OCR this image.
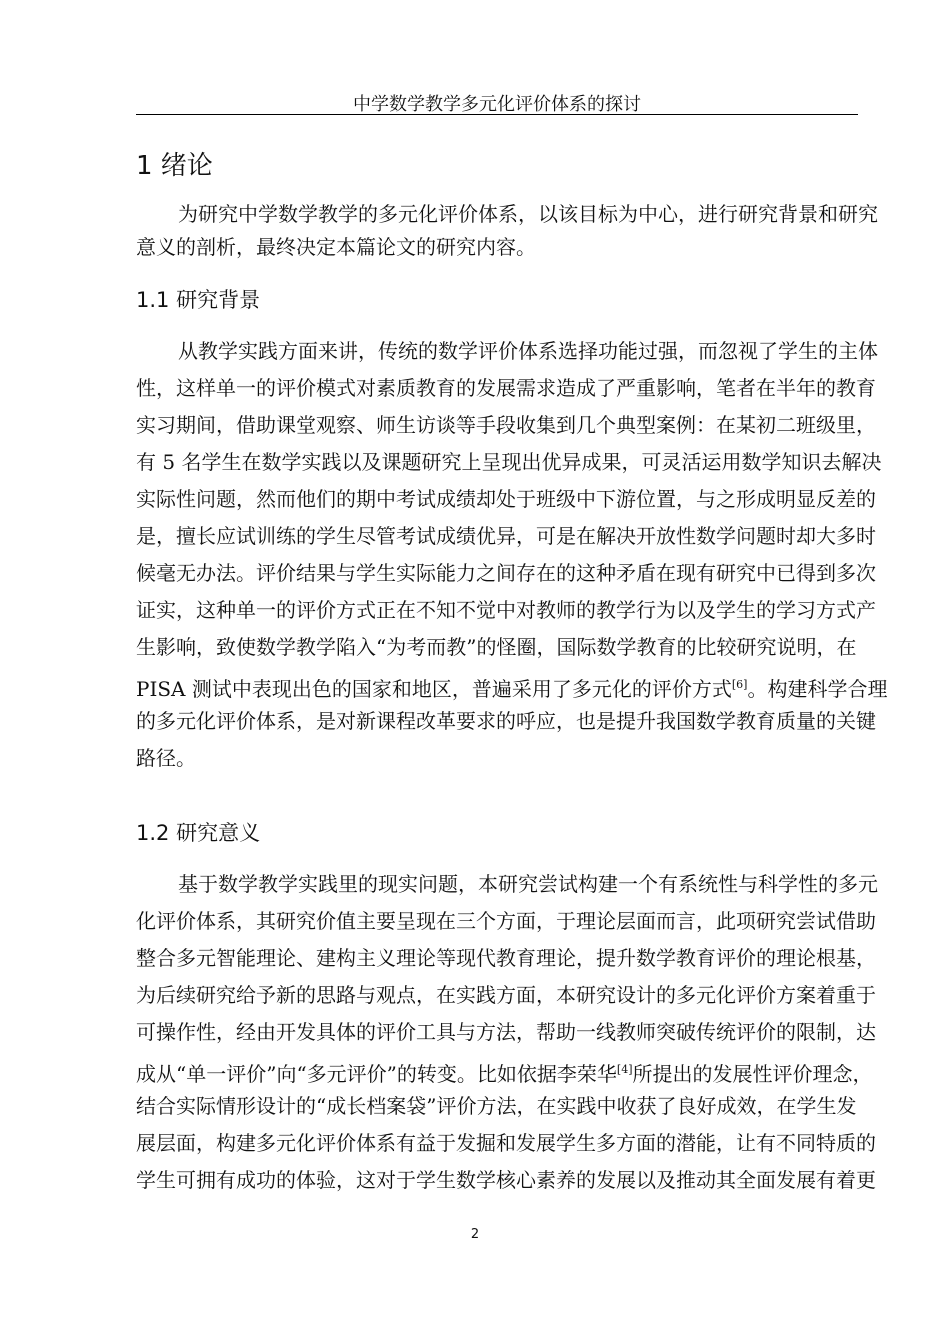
中学数学教学多元化评价体系的探讨
1 绪论
为研究中学数学教学的多元化评价体系，以该目标为中心，进行研究背景和研究
意义的剖析，最终决定本篇论文的研究内容。
1.1 研究背景
从教学实践方面来讲，传统的数学评价体系选择功能过强，而忽视了学生的主体
性，这样单一的评价模式对素质教育的发展需求造成了严重影响，笔者在半年的教育
实习期间，借助课堂观察、师生访谈等手段收集到几个典型案例：在某初二班级里，
有 5 名学生在数学实践以及课题研究上呈现出优异成果，可灵活运用数学知识去解决
实际性问题，然而他们的期中考试成绩却处于班级中下游位置，与之形成明显反差的
是，擅长应试训练的学生尽管考试成绩优异，可是在解决开放性数学问题时却大多时
候毫无办法。评价结果与学生实际能力之间存在的这种矛盾在现有研究中已得到多次
证实，这种单一的评价方式正在不知不觉中对教师的教学行为以及学生的学习方式产
生影响，致使数学教学陷入“为考而教”的怪圈，国际数学教育的比较研究说明，在
PISA 测试中表现出色的国家和地区，普遍采用了多元化的评价方式[6]。构建科学合理
的多元化评价体系，是对新课程改革要求的呼应，也是提升我国数学教育质量的关键
路径。
1.2 研究意义
基于数学教学实践里的现实问题，本研究尝试构建一个有系统性与科学性的多元
化评价体系，其研究价值主要呈现在三个方面，于理论层面而言，此项研究尝试借助
整合多元智能理论、建构主义理论等现代教育理论，提升数学教育评价的理论根基，
为后续研究给予新的思路与观点，在实践方面，本研究设计的多元化评价方案着重于
可操作性，经由开发具体的评价工具与方法，帮助一线教师突破传统评价的限制，达
成从“单一评价”向“多元评价”的转变。比如依据李荣华[4]所提出的发展性评价理念，
结合实际情形设计的“成长档案袋”评价方法，在实践中收获了良好成效，在学生发
展层面，构建多元化评价体系有益于发掘和发展学生多方面的潜能，让有不同特质的
学生可拥有成功的体验，这对于学生数学核心素养的发展以及推动其全面发展有着更
2
